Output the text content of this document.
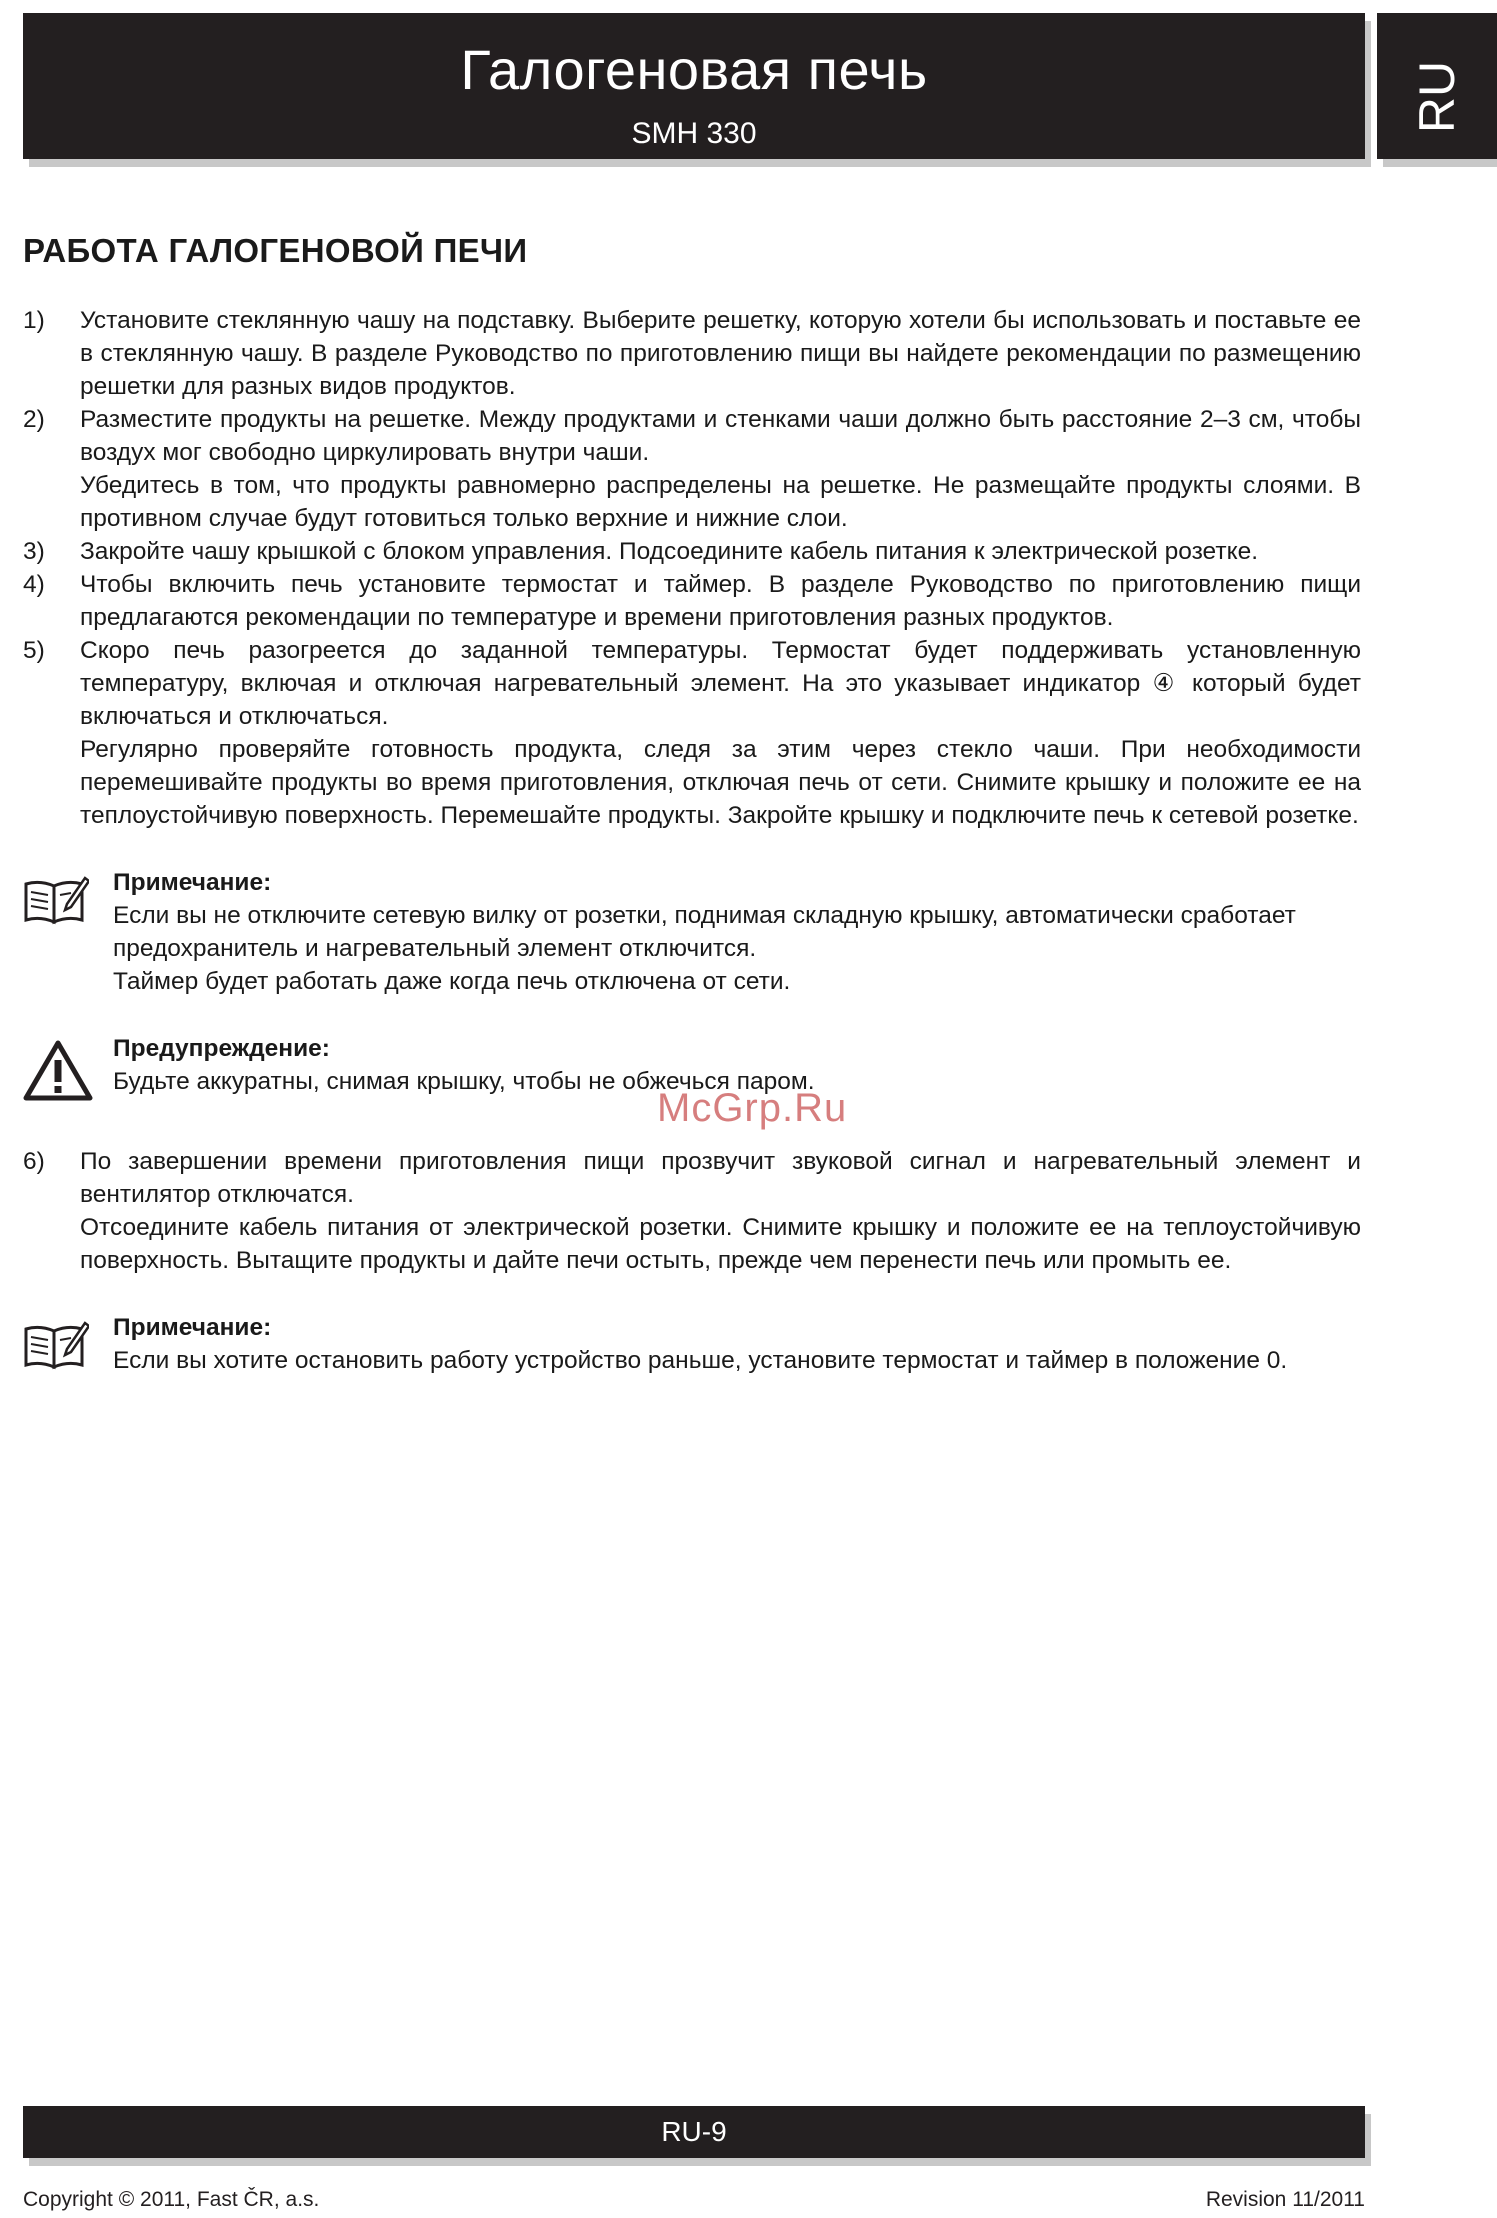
Галогеновая печь
SMH 330
RU
РАБОТА ГАЛОГЕНОВОЙ ПЕЧИ
1)	Установите стеклянную чашу на подставку. Выберите решетку, которую хотели бы использовать и поставьте ее в стеклянную чашу. В разделе Руководство по приготовлению пищи вы найдете рекомендации по размещению решетки для разных видов продуктов.

2)	Разместите продукты на решетке. Между продуктами и стенками чаши должно быть расстояние 2–3 см, чтобы воздух мог свободно циркулировать внутри чаши.

Убедитесь в том, что продукты равномерно распределены на решетке. Не размещайте продукты слоями. В противном случае будут готовиться только верхние и нижние слои.

3)	Закройте чашу крышкой с блоком управления. Подсоедините кабель питания к электрической розетке.

4)	Чтобы включить печь установите термостат и таймер. В разделе Руководство по приготовлению пищи предлагаются рекомендации по температуре и времени приготовления разных продуктов.

5)	Скоро печь разогреется до заданной температуры. Термостат будет поддерживать установленную температуру, включая и отключая нагревательный элемент. На это указывает индикатор ④ который будет включаться и отключаться.

Регулярно проверяйте готовность продукта, следя за этим через стекло чаши. При необходимости перемешивайте продукты во время приготовления, отключая печь от сети. Снимите крышку и положите ее на теплоустойчивую поверхность. Перемешайте продукты. Закройте крышку и подключите печь к сетевой розетке.

Примечание:

Если вы не отключите сетевую вилку от розетки, поднимая складную крышку, автоматически сработает предохранитель и нагревательный элемент отключится.

Таймер будет работать даже когда печь отключена от сети.

Предупреждение:

Будьте аккуратны, снимая крышку, чтобы не обжечься паром.

6)	По завершении времени приготовления пищи прозвучит звуковой сигнал и нагревательный элемент и вентилятор отключатся.

Отсоедините кабель питания от электрической розетки. Снимите крышку и положите ее на теплоустойчивую поверхность. Вытащите продукты и дайте печи остыть, прежде чем перенести печь или промыть ее.

Примечание:

Если вы хотите остановить работу устройство раньше, установите термостат и таймер в положение 0.

McGrp.Ru
RU-9
Copyright © 2011, Fast ČR, a.s.	Revision 11/2011
